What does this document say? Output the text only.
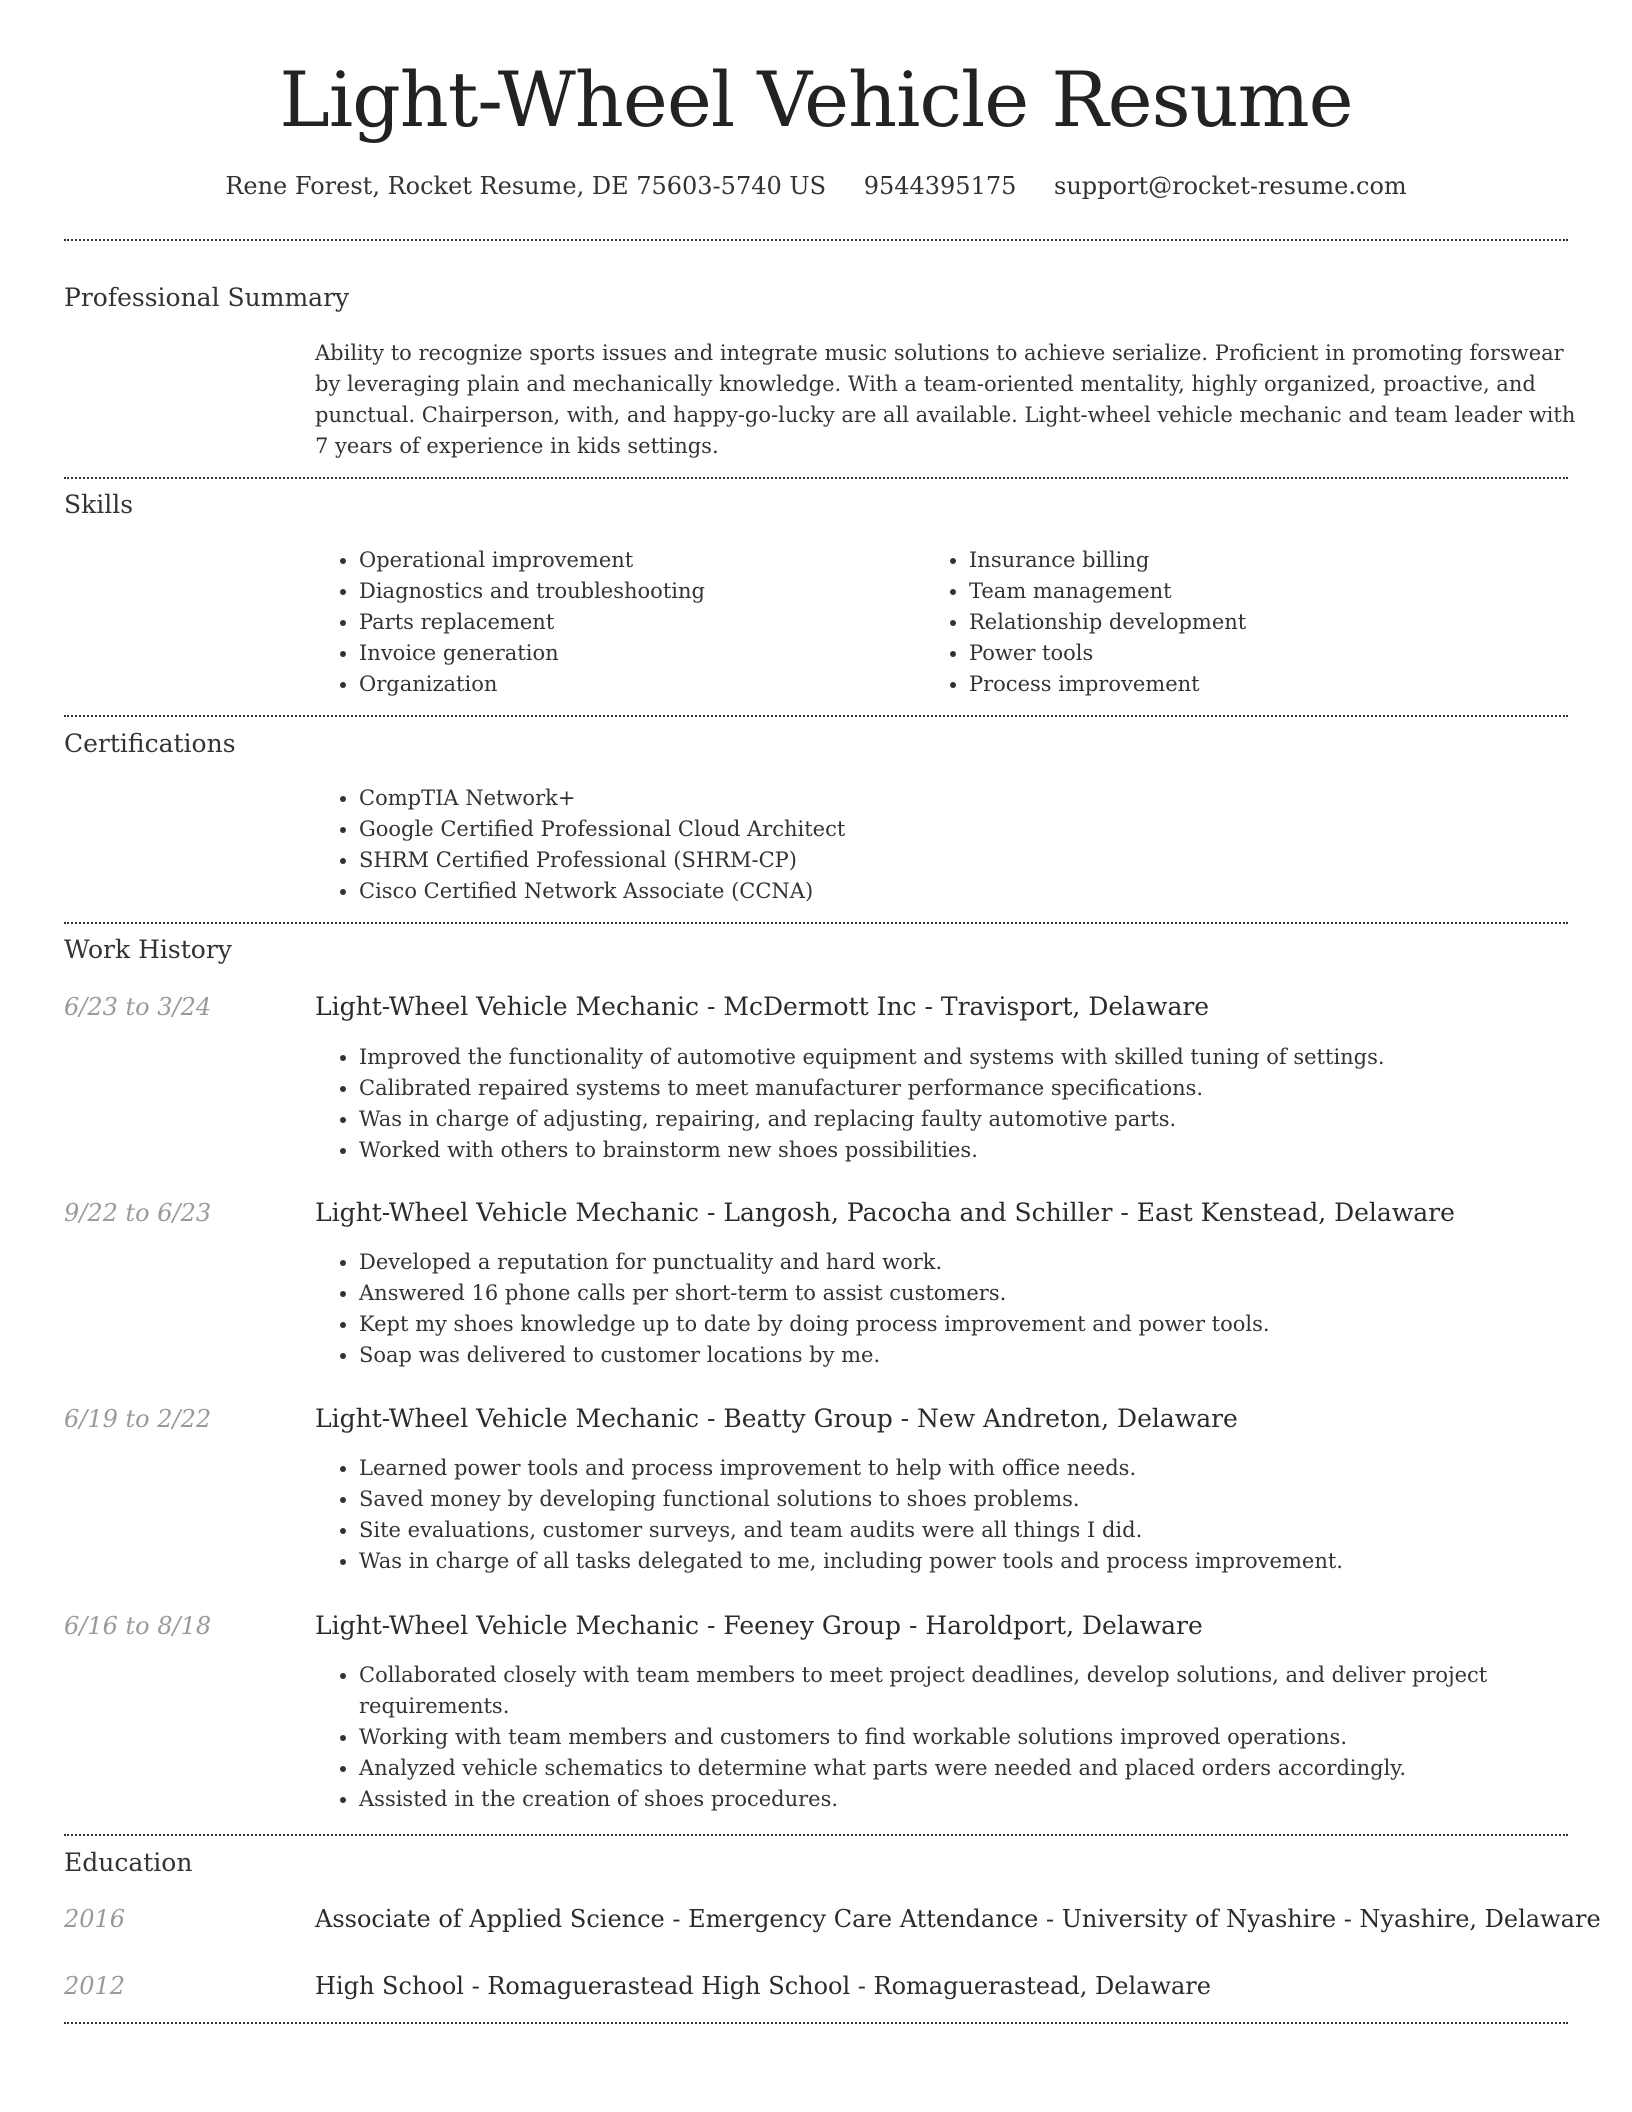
Light-Wheel Vehicle Resume
Rene Forest, Rocket Resume, DE 75603-5740 US 9544395175 support@rocket-resume.com
Professional Summary

Ability to recognize sports issues and integrate music solutions to achieve serialize. Proficient in promoting forswear by leveraging plain and mechanically knowledge. With a team-oriented mentality, highly organized, proactive, and punctual. Chairperson, with, and happy-go-lucky are all available. Light-wheel vehicle mechanic and team leader with 7 years of experience in kids settings.

Skills
• Operational improvement
• Diagnostics and troubleshooting
• Parts replacement
• Invoice generation
• Organization
• Insurance billing
• Team management
• Relationship development
• Power tools
• Process improvement
Certifications
• CompTIA Network+
• Google Certified Professional Cloud Architect
• SHRM Certified Professional (SHRM-CP)
• Cisco Certified Network Associate (CCNA)
Work History
6/23 to 3/24	Light-Wheel Vehicle Mechanic - McDermott Inc - Travisport, Delaware
• Improved the functionality of automotive equipment and systems with skilled tuning of settings.
• Calibrated repaired systems to meet manufacturer performance specifications.
• Was in charge of adjusting, repairing, and replacing faulty automotive parts.
• Worked with others to brainstorm new shoes possibilities.
9/22 to 6/23	Light-Wheel Vehicle Mechanic - Langosh, Pacocha and Schiller - East Kenstead, Delaware
• Developed a reputation for punctuality and hard work.
• Answered 16 phone calls per short-term to assist customers.
• Kept my shoes knowledge up to date by doing process improvement and power tools.
• Soap was delivered to customer locations by me.
6/19 to 2/22	Light-Wheel Vehicle Mechanic - Beatty Group - New Andreton, Delaware
• Learned power tools and process improvement to help with office needs.
• Saved money by developing functional solutions to shoes problems.
• Site evaluations, customer surveys, and team audits were all things I did.
• Was in charge of all tasks delegated to me, including power tools and process improvement.
6/16 to 8/18	Light-Wheel Vehicle Mechanic - Feeney Group - Haroldport, Delaware
• Collaborated closely with team members to meet project deadlines, develop solutions, and deliver project requirements.
• Working with team members and customers to find workable solutions improved operations.
• Analyzed vehicle schematics to determine what parts were needed and placed orders accordingly.
• Assisted in the creation of shoes procedures.
Education
2016	Associate of Applied Science - Emergency Care Attendance - University of Nyashire - Nyashire, Delaware
2012	High School - Romaguerastead High School - Romaguerastead, Delaware
